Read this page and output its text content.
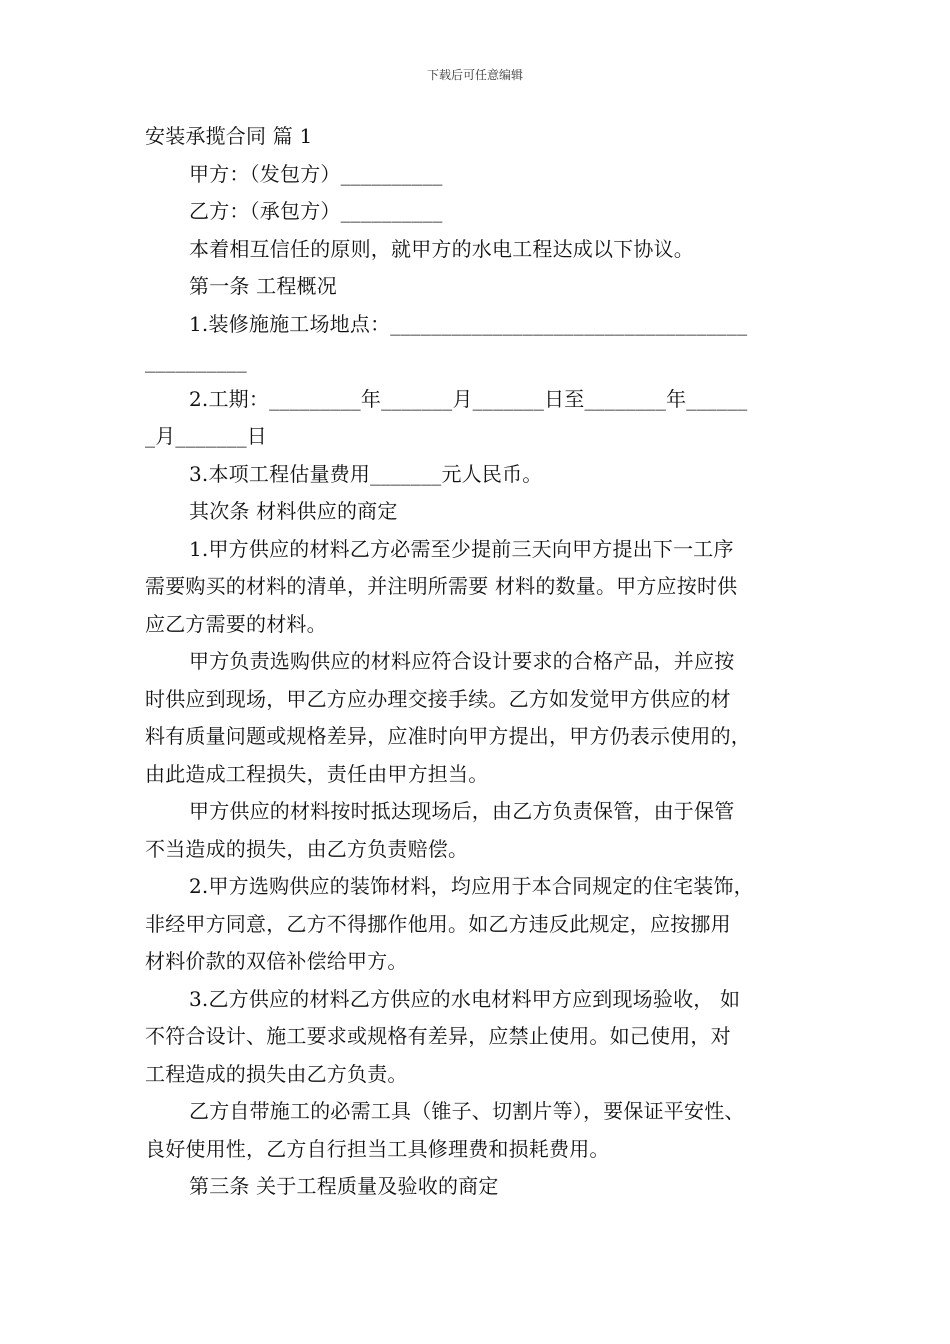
下载后可任意编辑
安装承揽合同 篇 1
甲方：（发包方）__________
乙方：（承包方）__________
本着相互信任的原则，就甲方的水电工程达成以下协议。
第一条 工程概况
1.装修施施工场地点：___________________________________
__________
2.工期：_________年_______月_______日至________年______
_月_______日
3.本项工程估量费用_______元人民币。
其次条 材料供应的商定
1.甲方供应的材料乙方必需至少提前三天向甲方提出下一工序
需要购买的材料的清单，并注明所需要 材料的数量。甲方应按时供
应乙方需要的材料。
甲方负责选购供应的材料应符合设计要求的合格产品，并应按
时供应到现场，甲乙方应办理交接手续。乙方如发觉甲方供应的材
料有质量问题或规格差异，应准时向甲方提出，甲方仍表示使用的，
由此造成工程损失，责任由甲方担当。
甲方供应的材料按时抵达现场后，由乙方负责保管，由于保管
不当造成的损失，由乙方负责赔偿。
2.甲方选购供应的装饰材料，均应用于本合同规定的住宅装饰，
非经甲方同意，乙方不得挪作他用。如乙方违反此规定，应按挪用
材料价款的双倍补偿给甲方。
3.乙方供应的材料乙方供应的水电材料甲方应到现场验收， 如
不符合设计、施工要求或规格有差异，应禁止使用。如己使用，对
工程造成的损失由乙方负责。
乙方自带施工的必需工具（锥子、切割片等），要保证平安性、
良好使用性，乙方自行担当工具修理费和损耗费用。
第三条 关于工程质量及验收的商定
